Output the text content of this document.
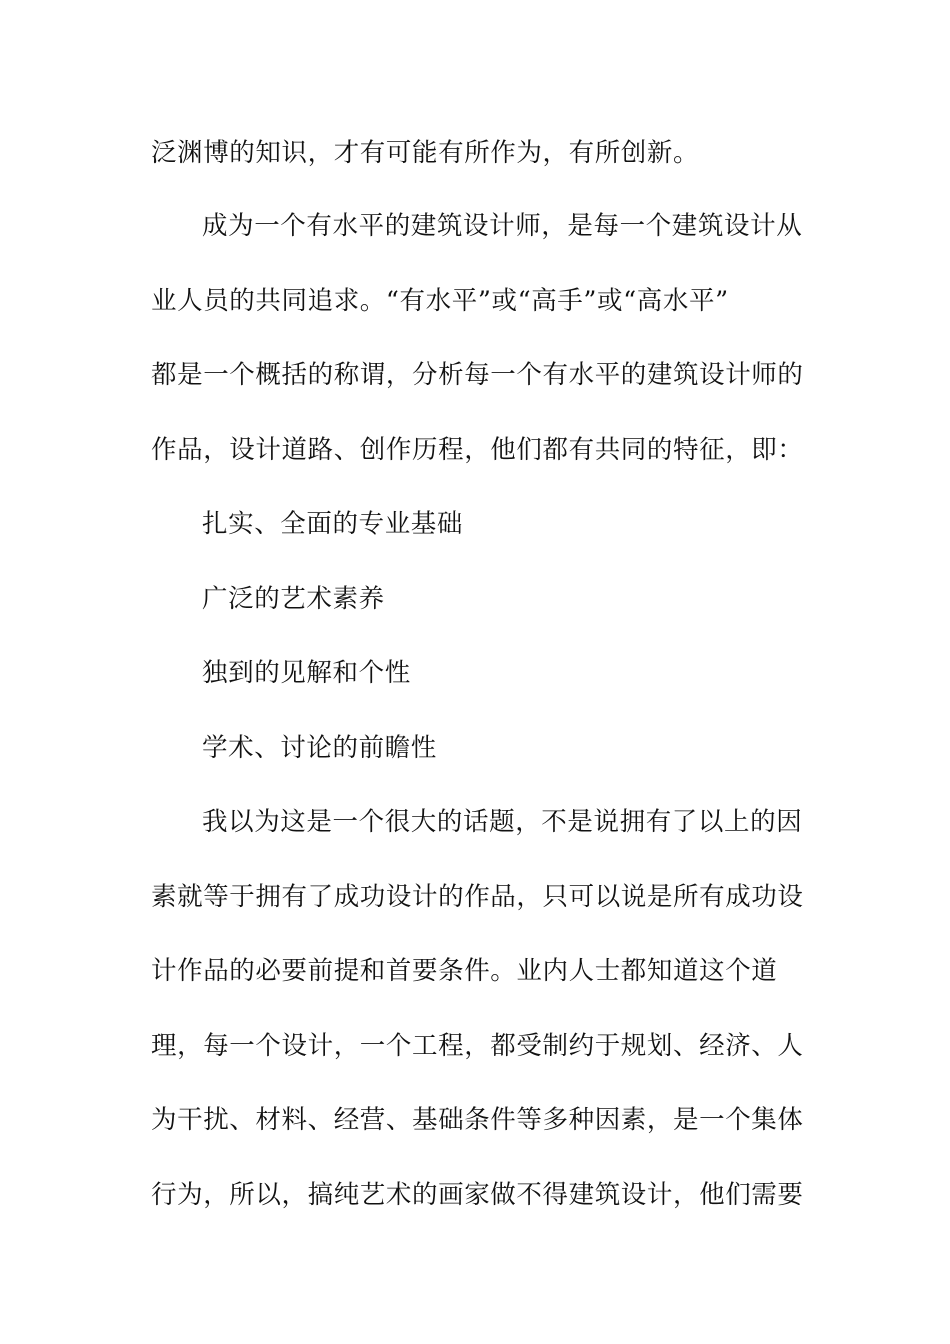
泛渊博的知识，才有可能有所作为，有所创新。
成为一个有水平的建筑设计师，是每一个建筑设计从
业人员的共同追求。“有水平”或“高手”或“高水平”
都是一个概括的称谓，分析每一个有水平的建筑设计师的
作品，设计道路、创作历程，他们都有共同的特征，即：
扎实、全面的专业基础
广泛的艺术素养
独到的见解和个性
学术、讨论的前瞻性
我以为这是一个很大的话题，不是说拥有了以上的因
素就等于拥有了成功设计的作品，只可以说是所有成功设
计作品的必要前提和首要条件。业内人士都知道这个道
理，每一个设计，一个工程，都受制约于规划、经济、人
为干扰、材料、经营、基础条件等多种因素，是一个集体
行为，所以，搞纯艺术的画家做不得建筑设计，他们需要
